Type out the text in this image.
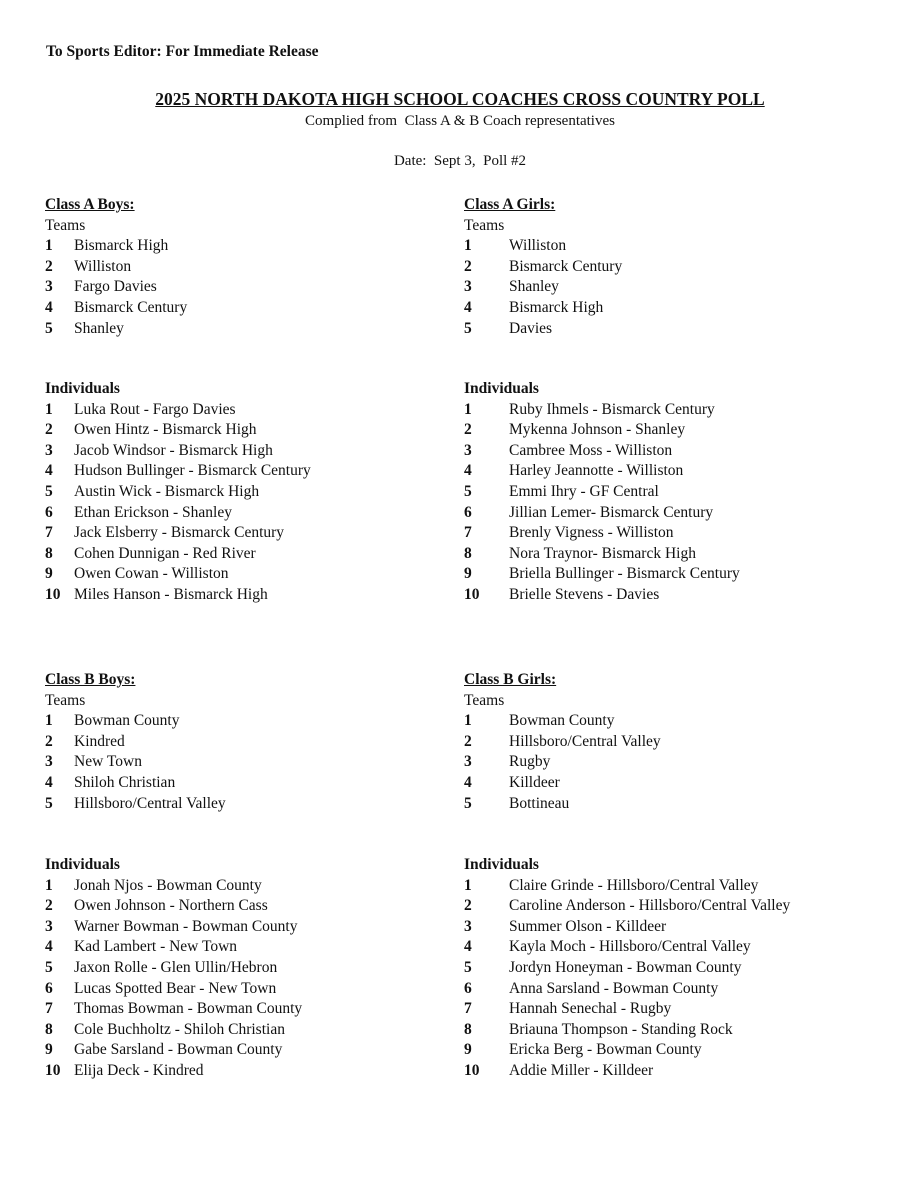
To Sports Editor: For Immediate Release
2025 NORTH DAKOTA HIGH SCHOOL COACHES CROSS COUNTRY POLL
Complied from  Class A & B Coach representatives
Date:  Sept 3,  Poll #2
Class A Boys:
Teams
1 Bismarck High
2 Williston
3 Fargo Davies
4 Bismarck Century
5 Shanley
Class A Girls:
Teams
1 Williston
2 Bismarck Century
3 Shanley
4 Bismarck High
5 Davies
Individuals
1 Luka Rout - Fargo Davies
2 Owen Hintz - Bismarck High
3 Jacob Windsor - Bismarck High
4 Hudson Bullinger - Bismarck Century
5 Austin Wick - Bismarck High
6 Ethan Erickson - Shanley
7 Jack Elsberry - Bismarck Century
8 Cohen Dunnigan - Red River
9 Owen Cowan - Williston
10 Miles Hanson - Bismarck High
Individuals
1 Ruby Ihmels - Bismarck Century
2 Mykenna Johnson - Shanley
3 Cambree Moss - Williston
4 Harley Jeannotte - Williston
5 Emmi Ihry - GF Central
6 Jillian Lemer- Bismarck Century
7 Brenly Vigness - Williston
8 Nora Traynor- Bismarck High
9 Briella Bullinger - Bismarck Century
10 Brielle Stevens - Davies
Class B Boys:
Teams
1 Bowman County
2 Kindred
3 New Town
4 Shiloh Christian
5 Hillsboro/Central Valley
Class B Girls:
Teams
1 Bowman County
2 Hillsboro/Central Valley
3 Rugby
4 Killdeer
5 Bottineau
Individuals
1 Jonah Njos - Bowman County
2 Owen Johnson - Northern Cass
3 Warner Bowman - Bowman County
4 Kad Lambert - New Town
5 Jaxon Rolle - Glen Ullin/Hebron
6 Lucas Spotted Bear - New Town
7 Thomas Bowman - Bowman County
8 Cole Buchholtz - Shiloh Christian
9 Gabe Sarsland - Bowman County
10 Elija Deck - Kindred
Individuals
1 Claire Grinde - Hillsboro/Central Valley
2 Caroline Anderson - Hillsboro/Central Valley
3 Summer Olson - Killdeer
4 Kayla Moch - Hillsboro/Central Valley
5 Jordyn Honeyman - Bowman County
6 Anna Sarsland - Bowman County
7 Hannah Senechal - Rugby
8 Briauna Thompson - Standing Rock
9 Ericka Berg - Bowman County
10 Addie Miller - Killdeer
